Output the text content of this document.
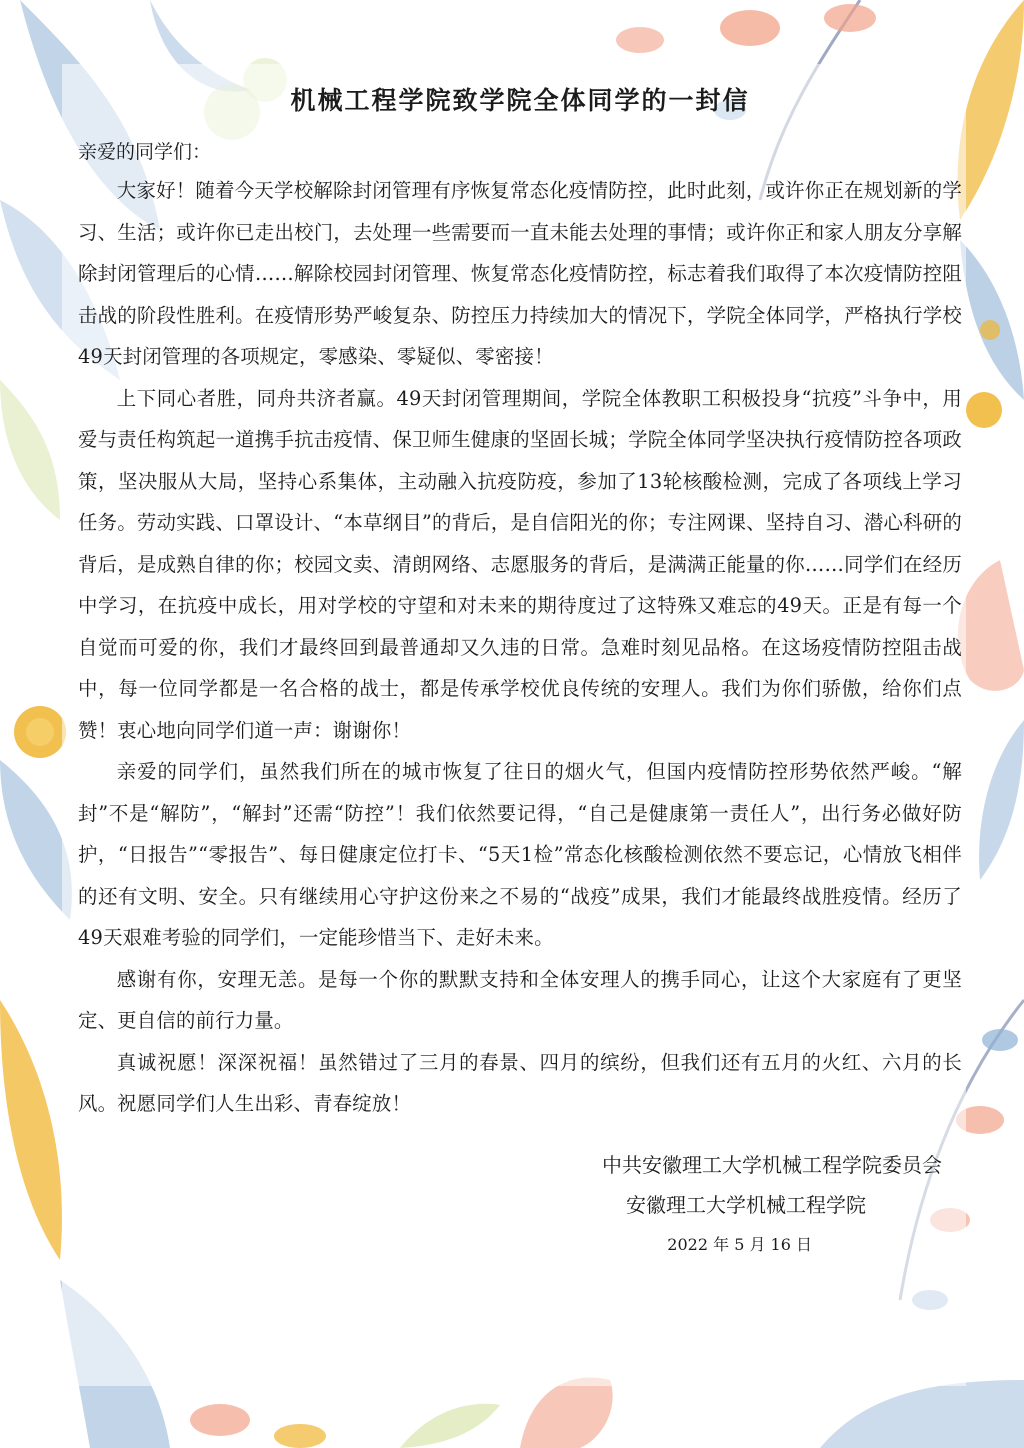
机械工程学院致学院全体同学的一封信

亲爱的同学们：

大家好！随着今天学校解除封闭管理有序恢复常态化疫情防控，此时此刻，或许你正在规划新的学习、生活；或许你已走出校门，去处理一些需要而一直未能去处理的事情；或许你正和家人朋友分享解除封闭管理后的心情……解除校园封闭管理、恢复常态化疫情防控，标志着我们取得了本次疫情防控阻击战的阶段性胜利。在疫情形势严峻复杂、防控压力持续加大的情况下，学院全体同学，严格执行学校49天封闭管理的各项规定，零感染、零疑似、零密接！

上下同心者胜，同舟共济者赢。49天封闭管理期间，学院全体教职工积极投身“抗疫”斗争中，用爱与责任构筑起一道携手抗击疫情、保卫师生健康的坚固长城；学院全体同学坚决执行疫情防控各项政策，坚决服从大局，坚持心系集体，主动融入抗疫防疫，参加了13轮核酸检测，完成了各项线上学习任务。劳动实践、口罩设计、“本草纲目”的背后，是自信阳光的你；专注网课、坚持自习、潜心科研的背后，是成熟自律的你；校园文卖、清朗网络、志愿服务的背后，是满满正能量的你……同学们在经历中学习，在抗疫中成长，用对学校的守望和对未来的期待度过了这特殊又难忘的49天。正是有每一个自觉而可爱的你，我们才最终回到最普通却又久违的日常。急难时刻见品格。在这场疫情防控阻击战中，每一位同学都是一名合格的战士，都是传承学校优良传统的安理人。我们为你们骄傲，给你们点赞！衷心地向同学们道一声：谢谢你！

亲爱的同学们，虽然我们所在的城市恢复了往日的烟火气，但国内疫情防控形势依然严峻。“解封”不是“解防”，“解封”还需“防控”！我们依然要记得，“自己是健康第一责任人”，出行务必做好防护，“日报告”“零报告”、每日健康定位打卡、“5天1检”常态化核酸检测依然不要忘记，心情放飞相伴的还有文明、安全。只有继续用心守护这份来之不易的“战疫”成果，我们才能最终战胜疫情。经历了49天艰难考验的同学们，一定能珍惜当下、走好未来。

感谢有你，安理无恙。是每一个你的默默支持和全体安理人的携手同心，让这个大家庭有了更坚定、更自信的前行力量。

真诚祝愿！深深祝福！虽然错过了三月的春景、四月的缤纷，但我们还有五月的火红、六月的长风。祝愿同学们人生出彩、青春绽放！

中共安徽理工大学机械工程学院委员会
安徽理工大学机械工程学院
2022 年 5 月 16 日
